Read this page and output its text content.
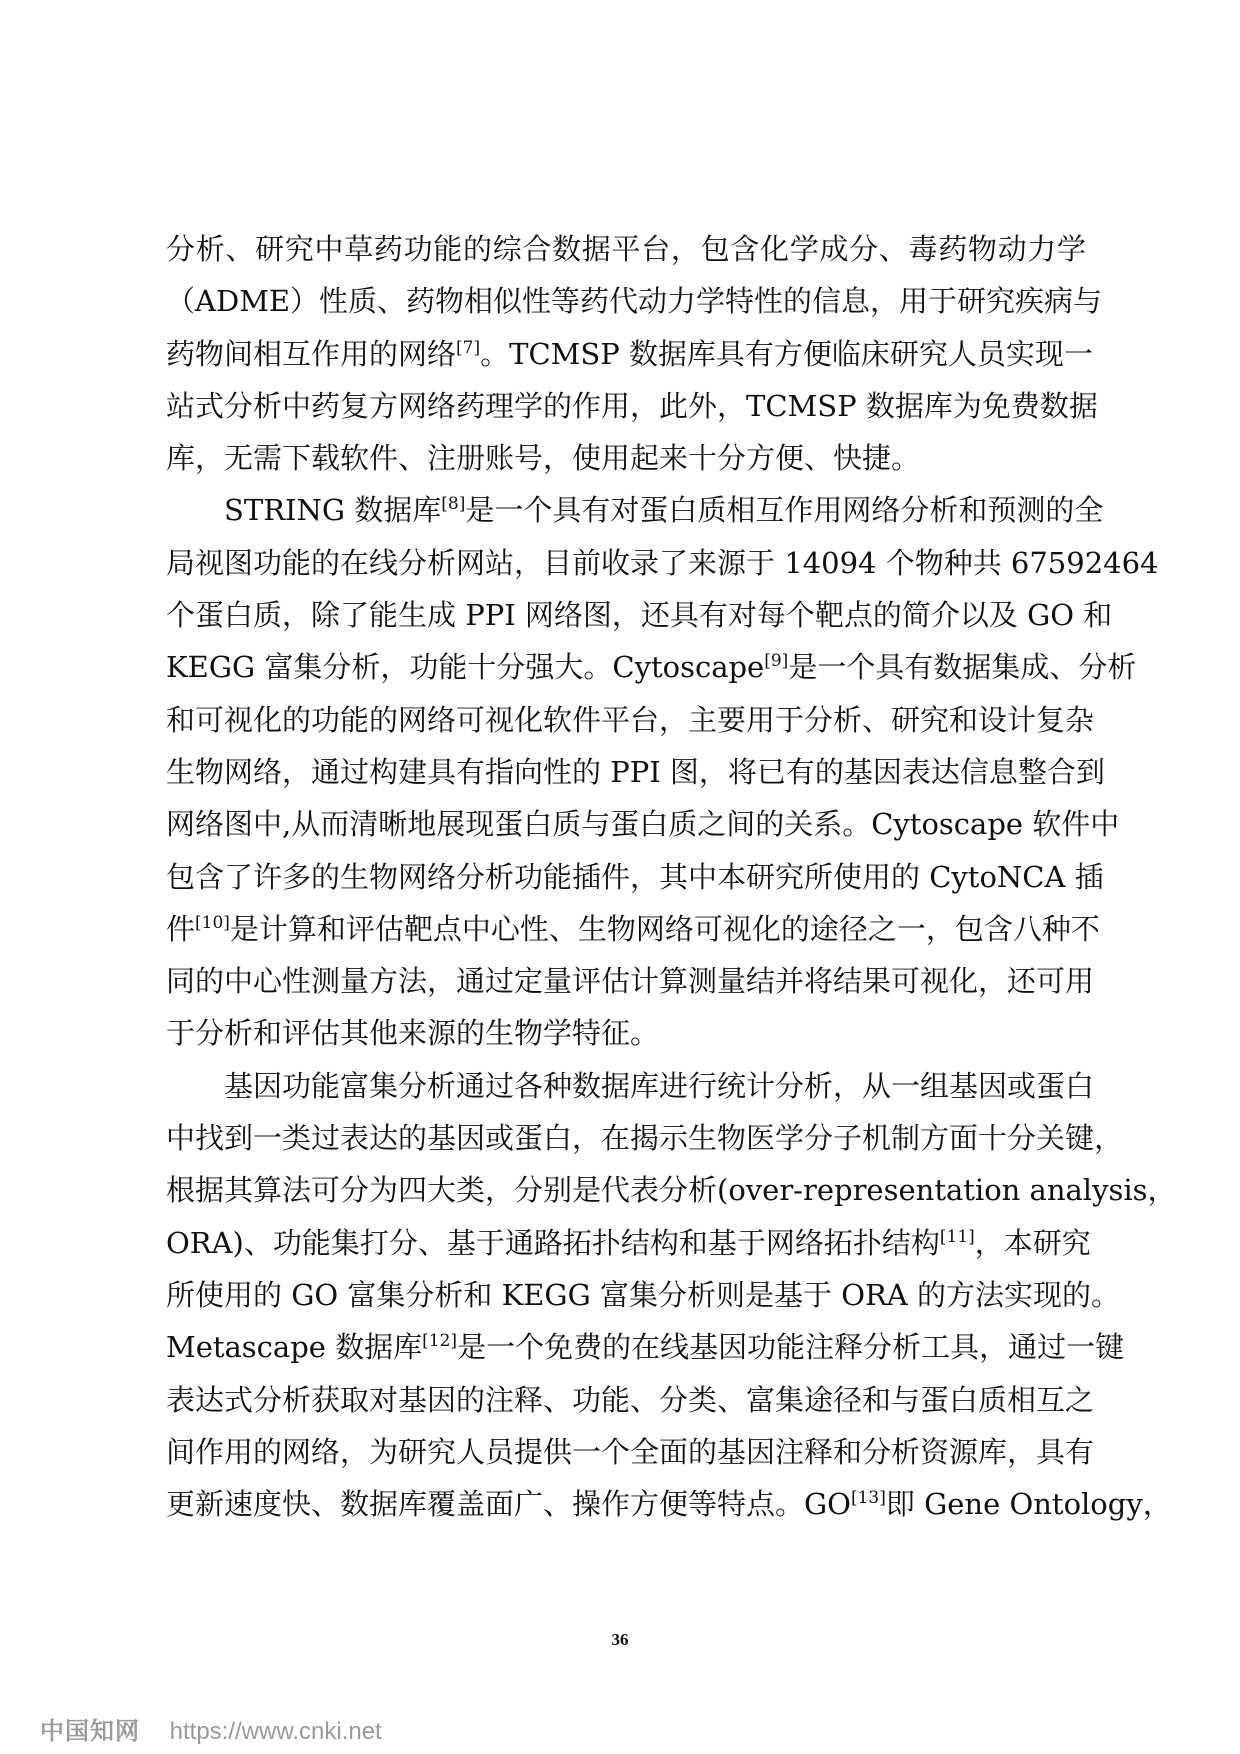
分析、研究中草药功能的综合数据平台，包含化学成分、毒药物动力学
（ADME）性质、药物相似性等药代动力学特性的信息，用于研究疾病与
药物间相互作用的网络[7]。TCMSP 数据库具有方便临床研究人员实现一
站式分析中药复方网络药理学的作用，此外，TCMSP 数据库为免费数据
库，无需下载软件、注册账号，使用起来十分方便、快捷。
STRING 数据库[8]是一个具有对蛋白质相互作用网络分析和预测的全
局视图功能的在线分析网站，目前收录了来源于 14094 个物种共 67592464
个蛋白质，除了能生成 PPI 网络图，还具有对每个靶点的简介以及 GO 和
KEGG 富集分析，功能十分强大。Cytoscape[9]是一个具有数据集成、分析
和可视化的功能的网络可视化软件平台，主要用于分析、研究和设计复杂
生物网络，通过构建具有指向性的 PPI 图，将已有的基因表达信息整合到
网络图中,从而清晰地展现蛋白质与蛋白质之间的关系。Cytoscape 软件中
包含了许多的生物网络分析功能插件，其中本研究所使用的 CytoNCA 插
件[10]是计算和评估靶点中心性、生物网络可视化的途径之一，包含八种不
同的中心性测量方法，通过定量评估计算测量结并将结果可视化，还可用
于分析和评估其他来源的生物学特征。
基因功能富集分析通过各种数据库进行统计分析，从一组基因或蛋白
中找到一类过表达的基因或蛋白，在揭示生物医学分子机制方面十分关键，
根据其算法可分为四大类，分别是代表分析(over-representation analysis，
ORA)、功能集打分、基于通路拓扑结构和基于网络拓扑结构[11]，本研究
所使用的 GO 富集分析和 KEGG 富集分析则是基于 ORA 的方法实现的。
Metascape 数据库[12]是一个免费的在线基因功能注释分析工具，通过一键
表达式分析获取对基因的注释、功能、分类、富集途径和与蛋白质相互之
间作用的网络，为研究人员提供一个全面的基因注释和分析资源库，具有
更新速度快、数据库覆盖面广、操作方便等特点。GO[13]即 Gene Ontology，
36
中国知网 https://www.cnki.net
